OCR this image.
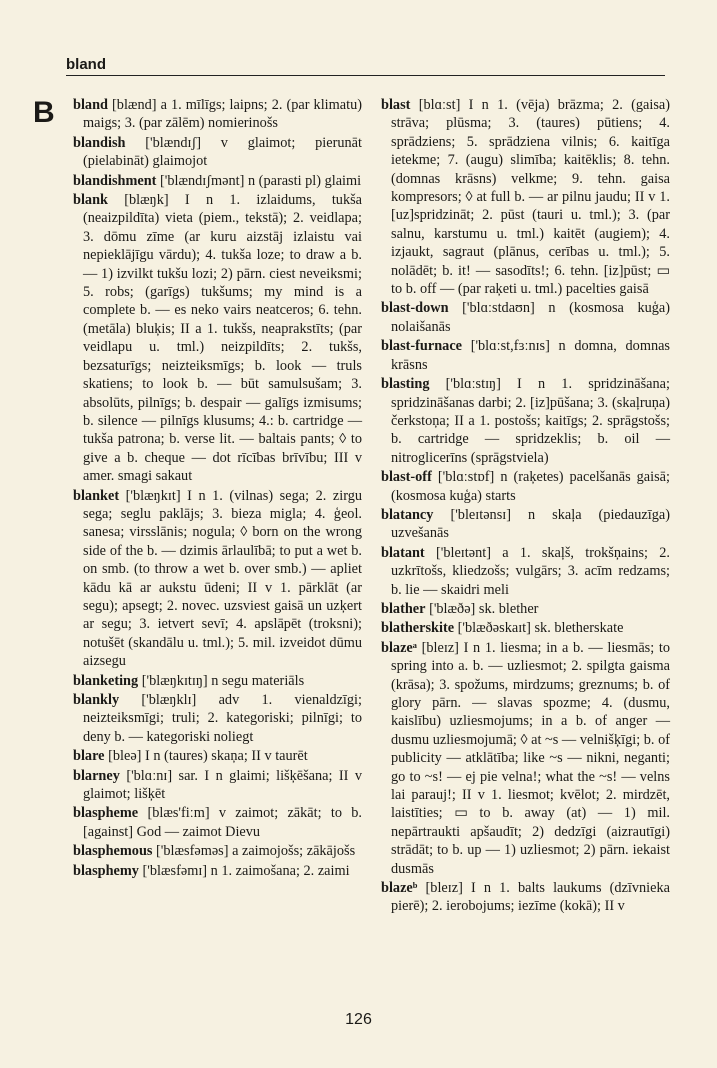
bland
B bland [blænd] a 1. mīlīgs; laipns; 2. (par klimatu) maigs; 3. (par zālēm) nomierinošs

blandish ['blændɪʃ] v glaimot; pierunāt (pielabināt) glaimojot

blandishment ['blændɪʃmənt] n (parasti pl) glaimi

blank [blæŋk] I n 1. izlaidums, tukša (neaizpildīta) vieta (piem., tekstā); 2. veidlapa; 3. dōmu zīme (ar kuru aizstāj izlaistu vai nepieklājīgu vārdu); 4. tukša loze; to draw a b. — 1) izvilkt tukšu lozi; 2) pārn. ciest neveiksmi; 5. robs; (garīgs) tukšums; my mind is a complete b. — es neko vairs neatceros; 6. tehn. (metāla) bluķis; II a 1. tukšs, neaprakstīts; (par veidlapu u. tml.) neizpildīts; 2. tukšs, bezsaturīgs; neizteiksmīgs; b. look — truls skatiens; to look b. — būt samulsušam; 3. absolūts, pilnīgs; b. despair — galīgs izmisums; b. silence — pilnīgs klusums; 4.: b. cartridge — tukša patrona; b. verse lit. — baltais pants; ◊ to give a b. cheque — dot rīcības brīvību; III v amer. smagi sakaut

blanket ['blæŋkɪt] I n 1. (vilnas) sega; 2. zirgu sega; seglu paklājs; 3. bieza migla; 4. ģeol. sanesa; virsslānis; nogula; ◊ born on the wrong side of the b. — dzimis ārlaulībā; to put a wet b. on smb. (to throw a wet b. over smb.) — apliet kādu kā ar aukstu ūdeni; II v 1. pārklāt (ar segu); apsegt; 2. novec. uzsviest gaisā un uzķert ar segu; 3. ietvert sevī; 4. apslāpēt (troksni); notušēt (skandālu u. tml.); 5. mil. izveidot dūmu aizsegu

blanketing ['blæŋkɪtɪŋ] n segu materiāls

blankly ['blæŋklɪ] adv 1. vienaldzīgi; neizteiksmīgi; truli; 2. kategoriski; pilnīgi; to deny b. — kategoriski noliegt

blare [bleə] I n (taures) skaņa; II v taurēt

blarney ['blɑːnɪ] sar. I n glaimi; lišķēšana; II v glaimot; lišķēt

blaspheme [blæs'fiːm] v zaimot; zākāt; to b. [against] God — zaimot Dievu

blasphemous ['blæsfəməs] a zaimojošs; zākājošs

blasphemy ['blæsfəmɪ] n 1. zaimošana; 2. zaimi

blast [blɑːst] I n 1. (vēja) brāzma; 2. (gaisa) strāva; plūsma; 3. (taures) pūtiens; 4. sprādziens; 5. sprādziena vilnis; 6. kaitīga ietekme; 7. (augu) slimība; kaitēklis; 8. tehn. (domnas krāsns) velkme; 9. tehn. gaisa kompresors; ◊ at full b. — ar pilnu jaudu; II v 1. [uz]spridzināt; 2. pūst (tauri u. tml.); 3. (par salnu, karstumu u. tml.) kaitēt (augiem); 4. izjaukt, sagraut (plānus, cerības u. tml.); 5. nolādēt; b. it! — sasodīts!; 6. tehn. [iz]pūst; ▭ to b. off — (par raķeti u. tml.) pacelties gaisā

blast-down ['blɑːstdaʊn] n (kosmosa kuģa) nolaišanās

blast-furnace ['blɑːst,fɜːnɪs] n domna, domnas krāsns

blasting ['blɑːstɪŋ] I n 1. spridzināšana; spridzināšanas darbi; 2. [iz]pūšana; 3. (skaļruņa) čerkstoņa; II a 1. postošs; kaitīgs; 2. sprāgstošs; b. cartridge — spridzeklis; b. oil — nitroglicerīns (sprāgstviela)

blast-off ['blɑːstɒf] n (raķetes) pacelšanās gaisā; (kosmosa kuģa) starts

blatancy ['bleɪtənsɪ] n skaļa (piedauzīga) uzvešanās

blatant ['bleɪtənt] a 1. skaļš, trokšņains; 2. uzkrītošs, kliedzošs; vulgārs; 3. acīm redzams; b. lie — skaidri meli

blather ['blæðə] sk. blether

blatherskite ['blæðəskaɪt] sk. bletherskate

blazeᵃ [bleɪz] I n 1. liesma; in a b. — liesmās; to spring into a. b. — uzliesmot; 2. spilgta gaisma (krāsa); 3. spožums, mirdzums; greznums; b. of glory pārn. — slavas spozme; 4. (dusmu, kaislību) uzliesmojums; in a b. of anger — dusmu uzliesmojumā; ◊ at ~s — velnišķīgi; b. of publicity — atklātība; like ~s — nikni, neganti; go to ~s! — ej pie velna!; what the ~s! — velns lai parauj!; II v 1. liesmot; kvēlot; 2. mirdzēt, laistīties; ▭ to b. away (at) — 1) mil. nepārtraukti apšaudīt; 2) dedzīgi (aizrautīgi) strādāt; to b. up — 1) uzliesmot; 2) pārn. iekaist dusmās

blazeᵇ [bleɪz] I n 1. balts laukums (dzīvnieka pierē); 2. ierobojums; iezīme (kokā); II v

126
